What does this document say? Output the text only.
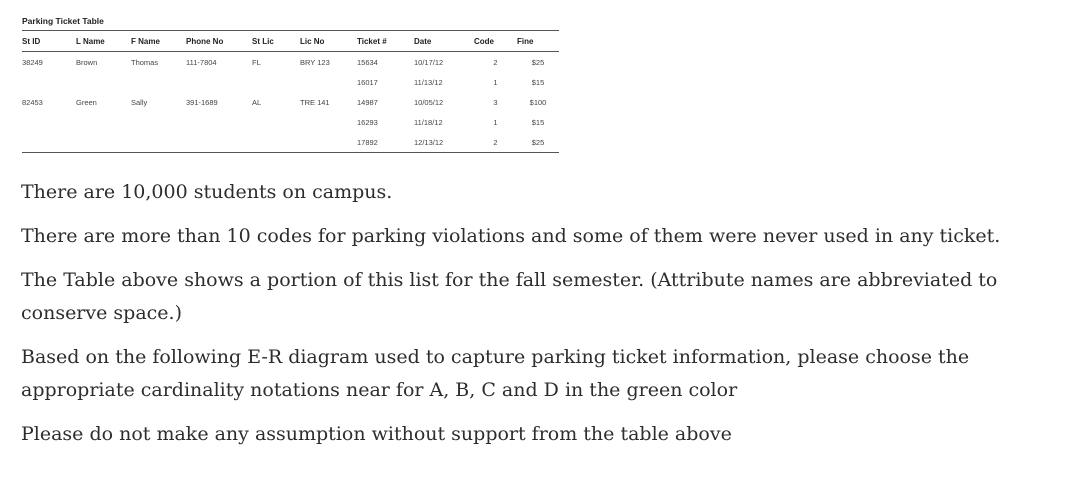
Parking Ticket Table
St ID	L Name	F Name	Phone No	St Lic	Lic No	Ticket #	Date	Code	Fine
38249	Brown	Thomas	111-7804	FL	BRY 123	15634	10/17/12	2	$25
						16017	11/13/12	1	$15
82453	Green	Sally	391-1689	AL	TRE 141	14987	10/05/12	3	$100
						16293	11/18/12	1	$15
						17892	12/13/12	2	$25

There are 10,000 students on campus.

There are more than 10 codes for parking violations and some of them were never used in any ticket.

The Table above shows a portion of this list for the fall semester. (Attribute names are abbreviated to conserve space.)

Based on the following E-R diagram used to capture parking ticket information, please choose the appropriate cardinality notations near for A, B, C and D in the green color

Please do not make any assumption without support from the table above
